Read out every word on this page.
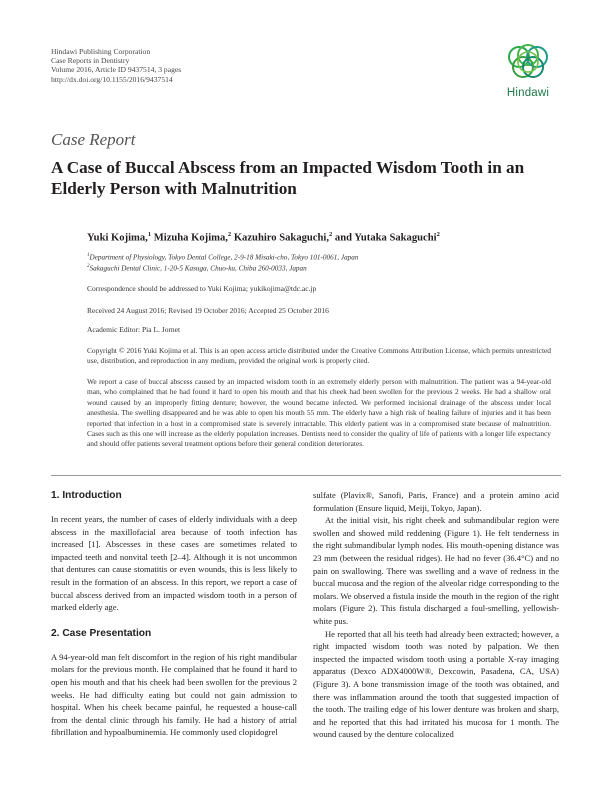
Hindawi Publishing Corporation
Case Reports in Dentistry
Volume 2016, Article ID 9437514, 3 pages
http://dx.doi.org/10.1155/2016/9437514
Hindawi
Case Report
A Case of Buccal Abscess from an Impacted Wisdom Tooth in an Elderly Person with Malnutrition
Yuki Kojima,$^1$ Mizuha Kojima,$^2$ Kazuhiro Sakaguchi,$^2$ and Yutaka Sakaguchi$^2$
$^1$Department of Physiology, Tokyo Dental College, 2-9-18 Misaki-cho, Tokyo 101-0061, Japan
$^2$Sakaguchi Dental Clinic, 1-20-5 Kasuga, Chuo-ku, Chiba 260-0033, Japan
Correspondence should be addressed to Yuki Kojima; yukikojima@tdc.ac.jp
Received 24 August 2016; Revised 19 October 2016; Accepted 25 October 2016
Academic Editor: Pia L. Jornet
Copyright © 2016 Yuki Kojima et al. This is an open access article distributed under the Creative Commons Attribution License, which permits unrestricted use, distribution, and reproduction in any medium, provided the original work is properly cited.
We report a case of buccal abscess caused by an impacted wisdom tooth in an extremely elderly person with malnutrition. The patient was a 94-year-old man, who complained that he had found it hard to open his mouth and that his cheek had been swollen for the previous 2 weeks. He had a shallow oral wound caused by an improperly fitting denture; however, the wound became infected. We performed incisional drainage of the abscess under local anesthesia. The swelling disappeared and he was able to open his mouth 55 mm. The elderly have a high risk of healing failure of injuries and it has been reported that infection in a host in a compromised state is severely intractable. This elderly patient was in a compromised state because of malnutrition. Cases such as this one will increase as the elderly population increases. Dentists need to consider the quality of life of patients with a longer life expectancy and should offer patients several treatment options before their general condition deteriorates.
1. Introduction

In recent years, the number of cases of elderly individuals with a deep abscess in the maxillofacial area because of tooth infection has increased [1]. Abscesses in these cases are sometimes related to impacted teeth and nonvital teeth [2–4]. Although it is not uncommon that dentures can cause stomatitis or even wounds, this is less likely to result in the formation of an abscess. In this report, we report a case of buccal abscess derived from an impacted wisdom tooth in a person of marked elderly age.

2. Case Presentation

A 94-year-old man felt discomfort in the region of his right mandibular molars for the previous month. He complained that he found it hard to open his mouth and that his cheek had been swollen for the previous 2 weeks. He had difficulty eating but could not gain admission to hospital. When his cheek became painful, he requested a house-call from the dental clinic through his family. He had a history of atrial fibrillation and hypoalbuminemia. He commonly used clopidogrel

sulfate (Plavix®, Sanofi, Paris, France) and a protein amino acid formulation (Ensure liquid, Meiji, Tokyo, Japan).

At the initial visit, his right cheek and submandibular region were swollen and showed mild reddening (Figure 1). He felt tenderness in the right submandibular lymph nodes. His mouth-opening distance was 23 mm (between the residual ridges). He had no fever (36.4°C) and no pain on swallowing. There was swelling and a wave of redness in the buccal mucosa and the region of the alveolar ridge corresponding to the molars. We observed a fistula inside the mouth in the region of the right molars (Figure 2). This fistula discharged a foul-smelling, yellowish-white pus.

He reported that all his teeth had already been extracted; however, a right impacted wisdom tooth was noted by palpation. We then inspected the impacted wisdom tooth using a portable X-ray imaging apparatus (Dexco ADX4000W®, Dexcowin, Pasadena, CA, USA) (Figure 3). A bone transmission image of the tooth was obtained, and there was inflammation around the tooth that suggested impaction of the tooth. The trailing edge of his lower denture was broken and sharp, and he reported that this had irritated his mucosa for 1 month. The wound caused by the denture colocalized
